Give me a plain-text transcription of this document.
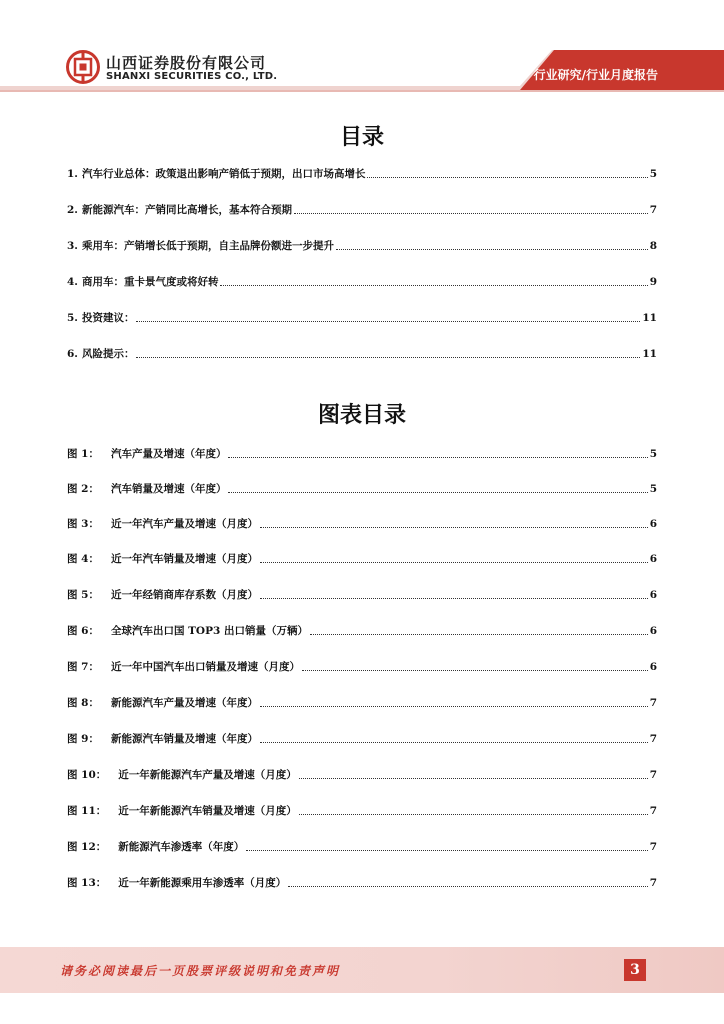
山西证券股份有限公司
SHANXI SECURITIES CO., LTD.	行业研究/行业月度报告
目录
1. 汽车行业总体：政策退出影响产销低于预期，出口市场高增长	5
2. 新能源汽车：产销同比高增长，基本符合预期	7
3. 乘用车：产销增长低于预期，自主品牌份额进一步提升	8
4. 商用车：重卡景气度或将好转	9
5. 投资建议：	11
6. 风险提示：	11
图表目录
图 1： 汽车产量及增速（年度）	5
图 2： 汽车销量及增速（年度）	5
图 3： 近一年汽车产量及增速（月度）	6
图 4： 近一年汽车销量及增速（月度）	6
图 5： 近一年经销商库存系数（月度）	6
图 6： 全球汽车出口国 TOP3 出口销量（万辆）	6
图 7： 近一年中国汽车出口销量及增速（月度）	6
图 8： 新能源汽车产量及增速（年度）	7
图 9： 新能源汽车销量及增速（年度）	7
图 10： 近一年新能源汽车产量及增速（月度）	7
图 11： 近一年新能源汽车销量及增速（月度）	7
图 12： 新能源汽车渗透率（年度）	7
图 13： 近一年新能源乘用车渗透率（月度）	7
请务必阅读最后一页股票评级说明和免责声明	3
